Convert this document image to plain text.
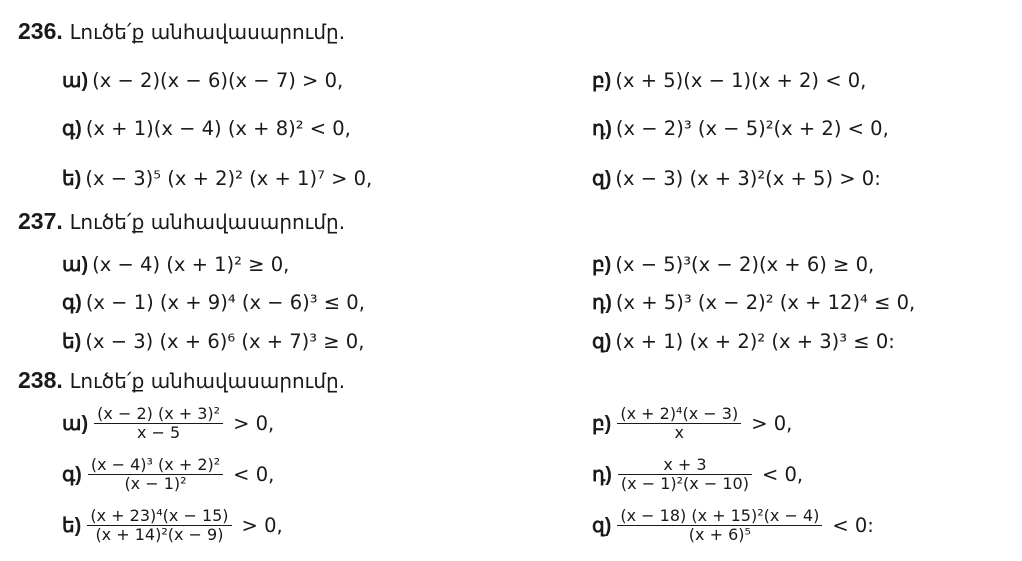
236. Լուծե՛ք անհավասարումը.
ա) (x − 2)(x − 6)(x − 7) > 0,	բ) (x + 5)(x − 1)(x + 2) < 0,
գ) (x + 1)(x − 4) (x + 8)² < 0,	դ) (x − 2)³ (x − 5)²(x + 2) < 0,
ե) (x − 3)⁵ (x + 2)² (x + 1)⁷ > 0,	զ) (x − 3) (x + 3)²(x + 5) > 0:
237. Լուծե՛ք անհավասարումը.
ա) (x − 4) (x + 1)² ≥ 0,	բ) (x − 5)³(x − 2)(x + 6) ≥ 0,
գ) (x − 1) (x + 9)⁴ (x − 6)³ ≤ 0,	դ) (x + 5)³ (x − 2)² (x + 12)⁴ ≤ 0,
ե) (x − 3) (x + 6)⁶ (x + 7)³ ≥ 0,	զ) (x + 1) (x + 2)² (x + 3)³ ≤ 0:
238. Լուծե՛ք անհավասարումը.
ա) $\frac{\text{(x − 2) (x + 3)²}}{x - 5} > 0$,	բ) $\frac{\text{(x + 2)⁴(x − 3)}}{x} > 0$,
գ) $\frac{\text{(x − 4)³ (x + 2)²}}{\text{(x − 1)²}} < 0$,	դ) $\frac{x + 3}{\text{(x − 1)²(x − 10)}} < 0$,
ե) $\frac{\text{(x + 23)⁴(x − 15)}}{\text{(x + 14)²(x − 9)}} > 0$,	զ) $\frac{\text{(x − 18) (x + 15)²(x − 4)}}{\text{(x + 6)⁵}} < 0$:
